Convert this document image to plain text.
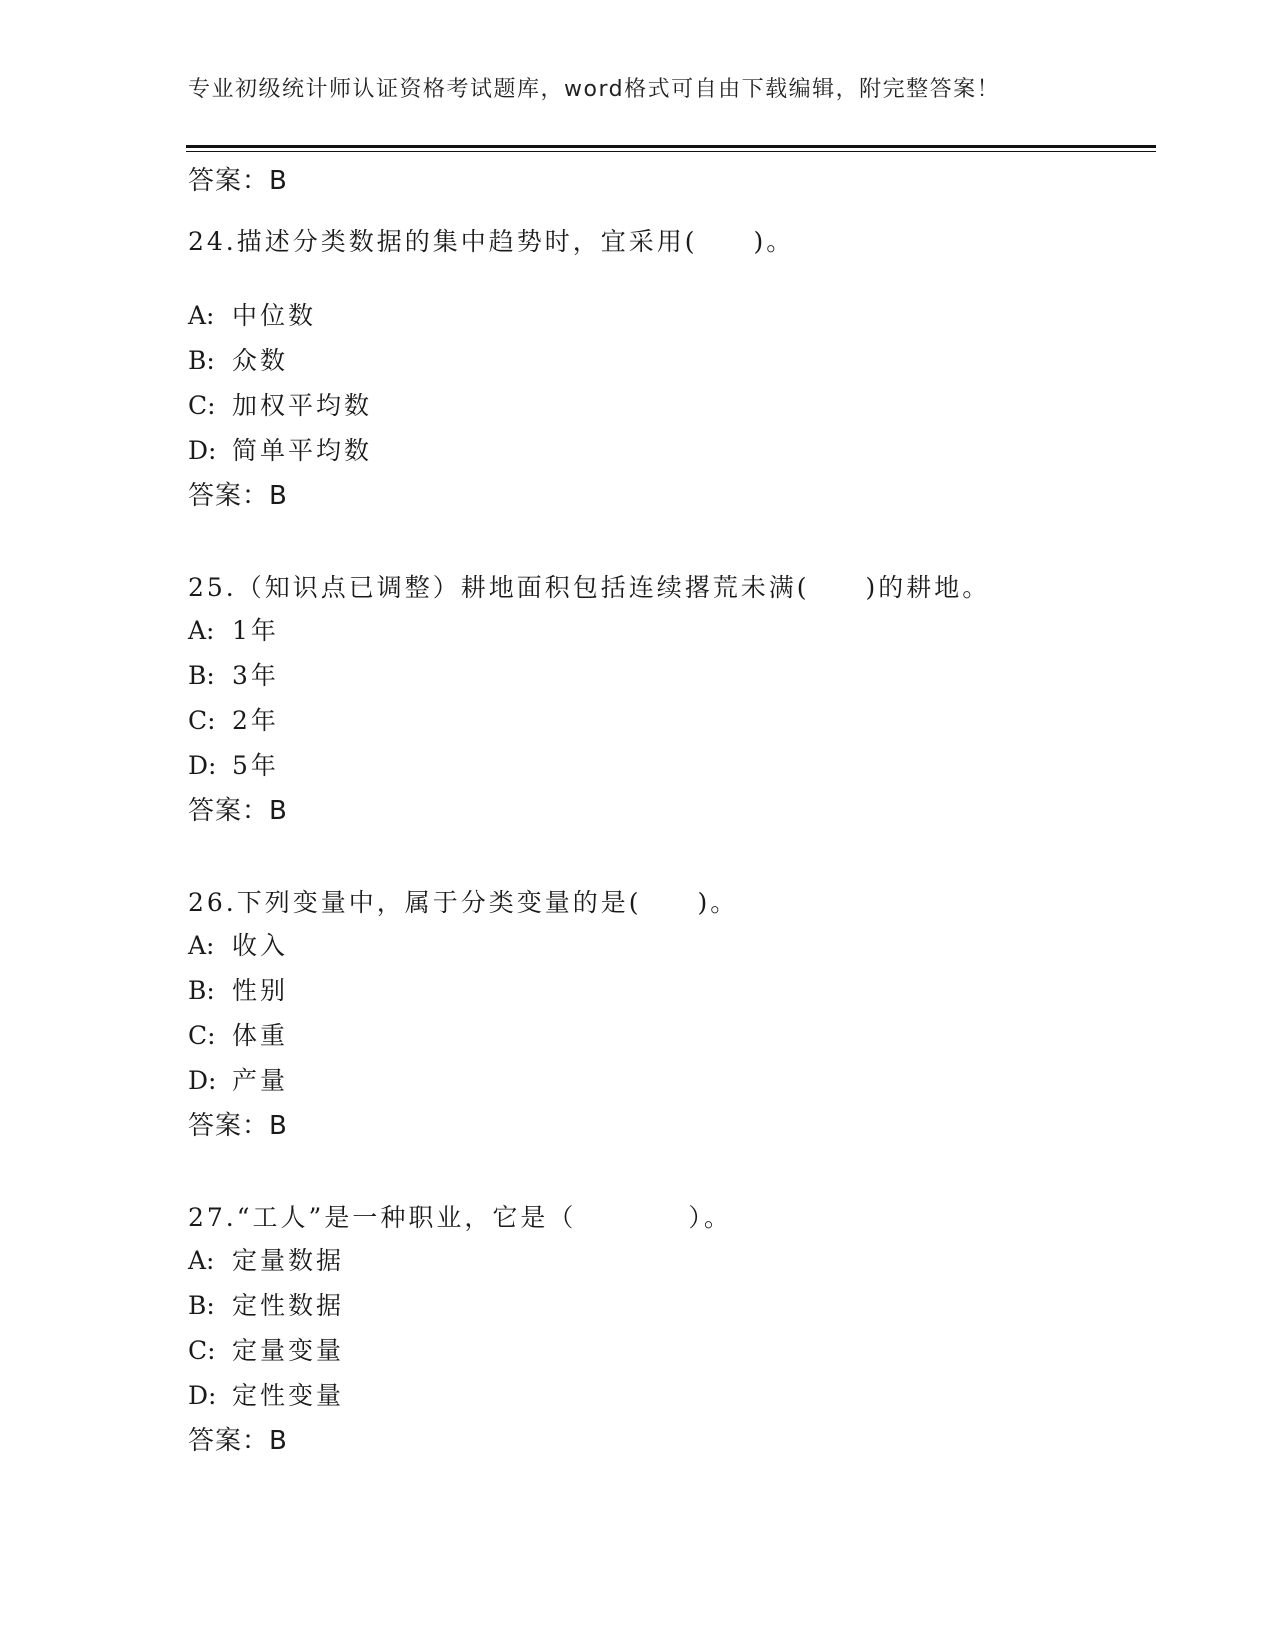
专业初级统计师认证资格考试题库，word格式可自由下载编辑，附完整答案！
答案：B
24.描述分类数据的集中趋势时，宜采用(　　)。
A: 中位数
B: 众数
C: 加权平均数
D: 简单平均数
答案：B
25.（知识点已调整）耕地面积包括连续撂荒未满(　　)的耕地。
A: 1年
B: 3年
C: 2年
D: 5年
答案：B
26.下列变量中，属于分类变量的是(　　)。
A: 收入
B: 性别
C: 体重
D: 产量
答案：B
27.“工人”是一种职业，它是（　　　　）。
A: 定量数据
B: 定性数据
C: 定量变量
D: 定性变量
答案：B
